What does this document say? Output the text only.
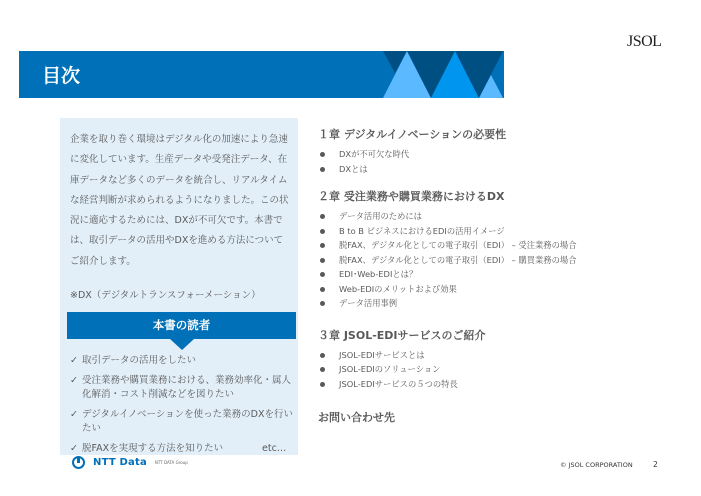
JSOL
目次

企業を取り巻く環境はデジタル化の加速により急速に変化しています。生産データや受発注データ、在庫データなど多くのデータを統合し、リアルタイムな経営判断が求められるようになりました。この状況に適応するためには、DXが不可欠です。本書では、取引データの活用やDXを進める方法についてご紹介します。

※DX（デジタルトランスフォーメーション）

本書の読者
✓ 取引データの活用をしたい
✓ 受注業務や購買業務における、業務効率化・属人化解消・コスト削減などを図りたい
✓ デジタルイノベーションを使った業務のDXを行いたい
✓ 脱FAXを実現する方法を知りたい	etc…
NTT Data NTT DATA Group
１章 デジタルイノベーションの必要性
DXが不可欠な時代
DXとは
２章 受注業務や購買業務におけるDX
データ活用のためには
B to B ビジネスにおけるEDIの活用イメージ
脱FAX、デジタル化としての電子取引（EDI） – 受注業務の場合
脱FAX、デジタル化としての電子取引（EDI） – 購買業務の場合
EDI･Web-EDIとは？
Web-EDIのメリットおよび効果
データ活用事例
３章 JSOL-EDIサービスのご紹介
JSOL-EDIサービスとは
JSOL-EDIのソリューション
JSOL-EDIサービスの５つの特長
お問い合わせ先
© JSOL CORPORATION	2
